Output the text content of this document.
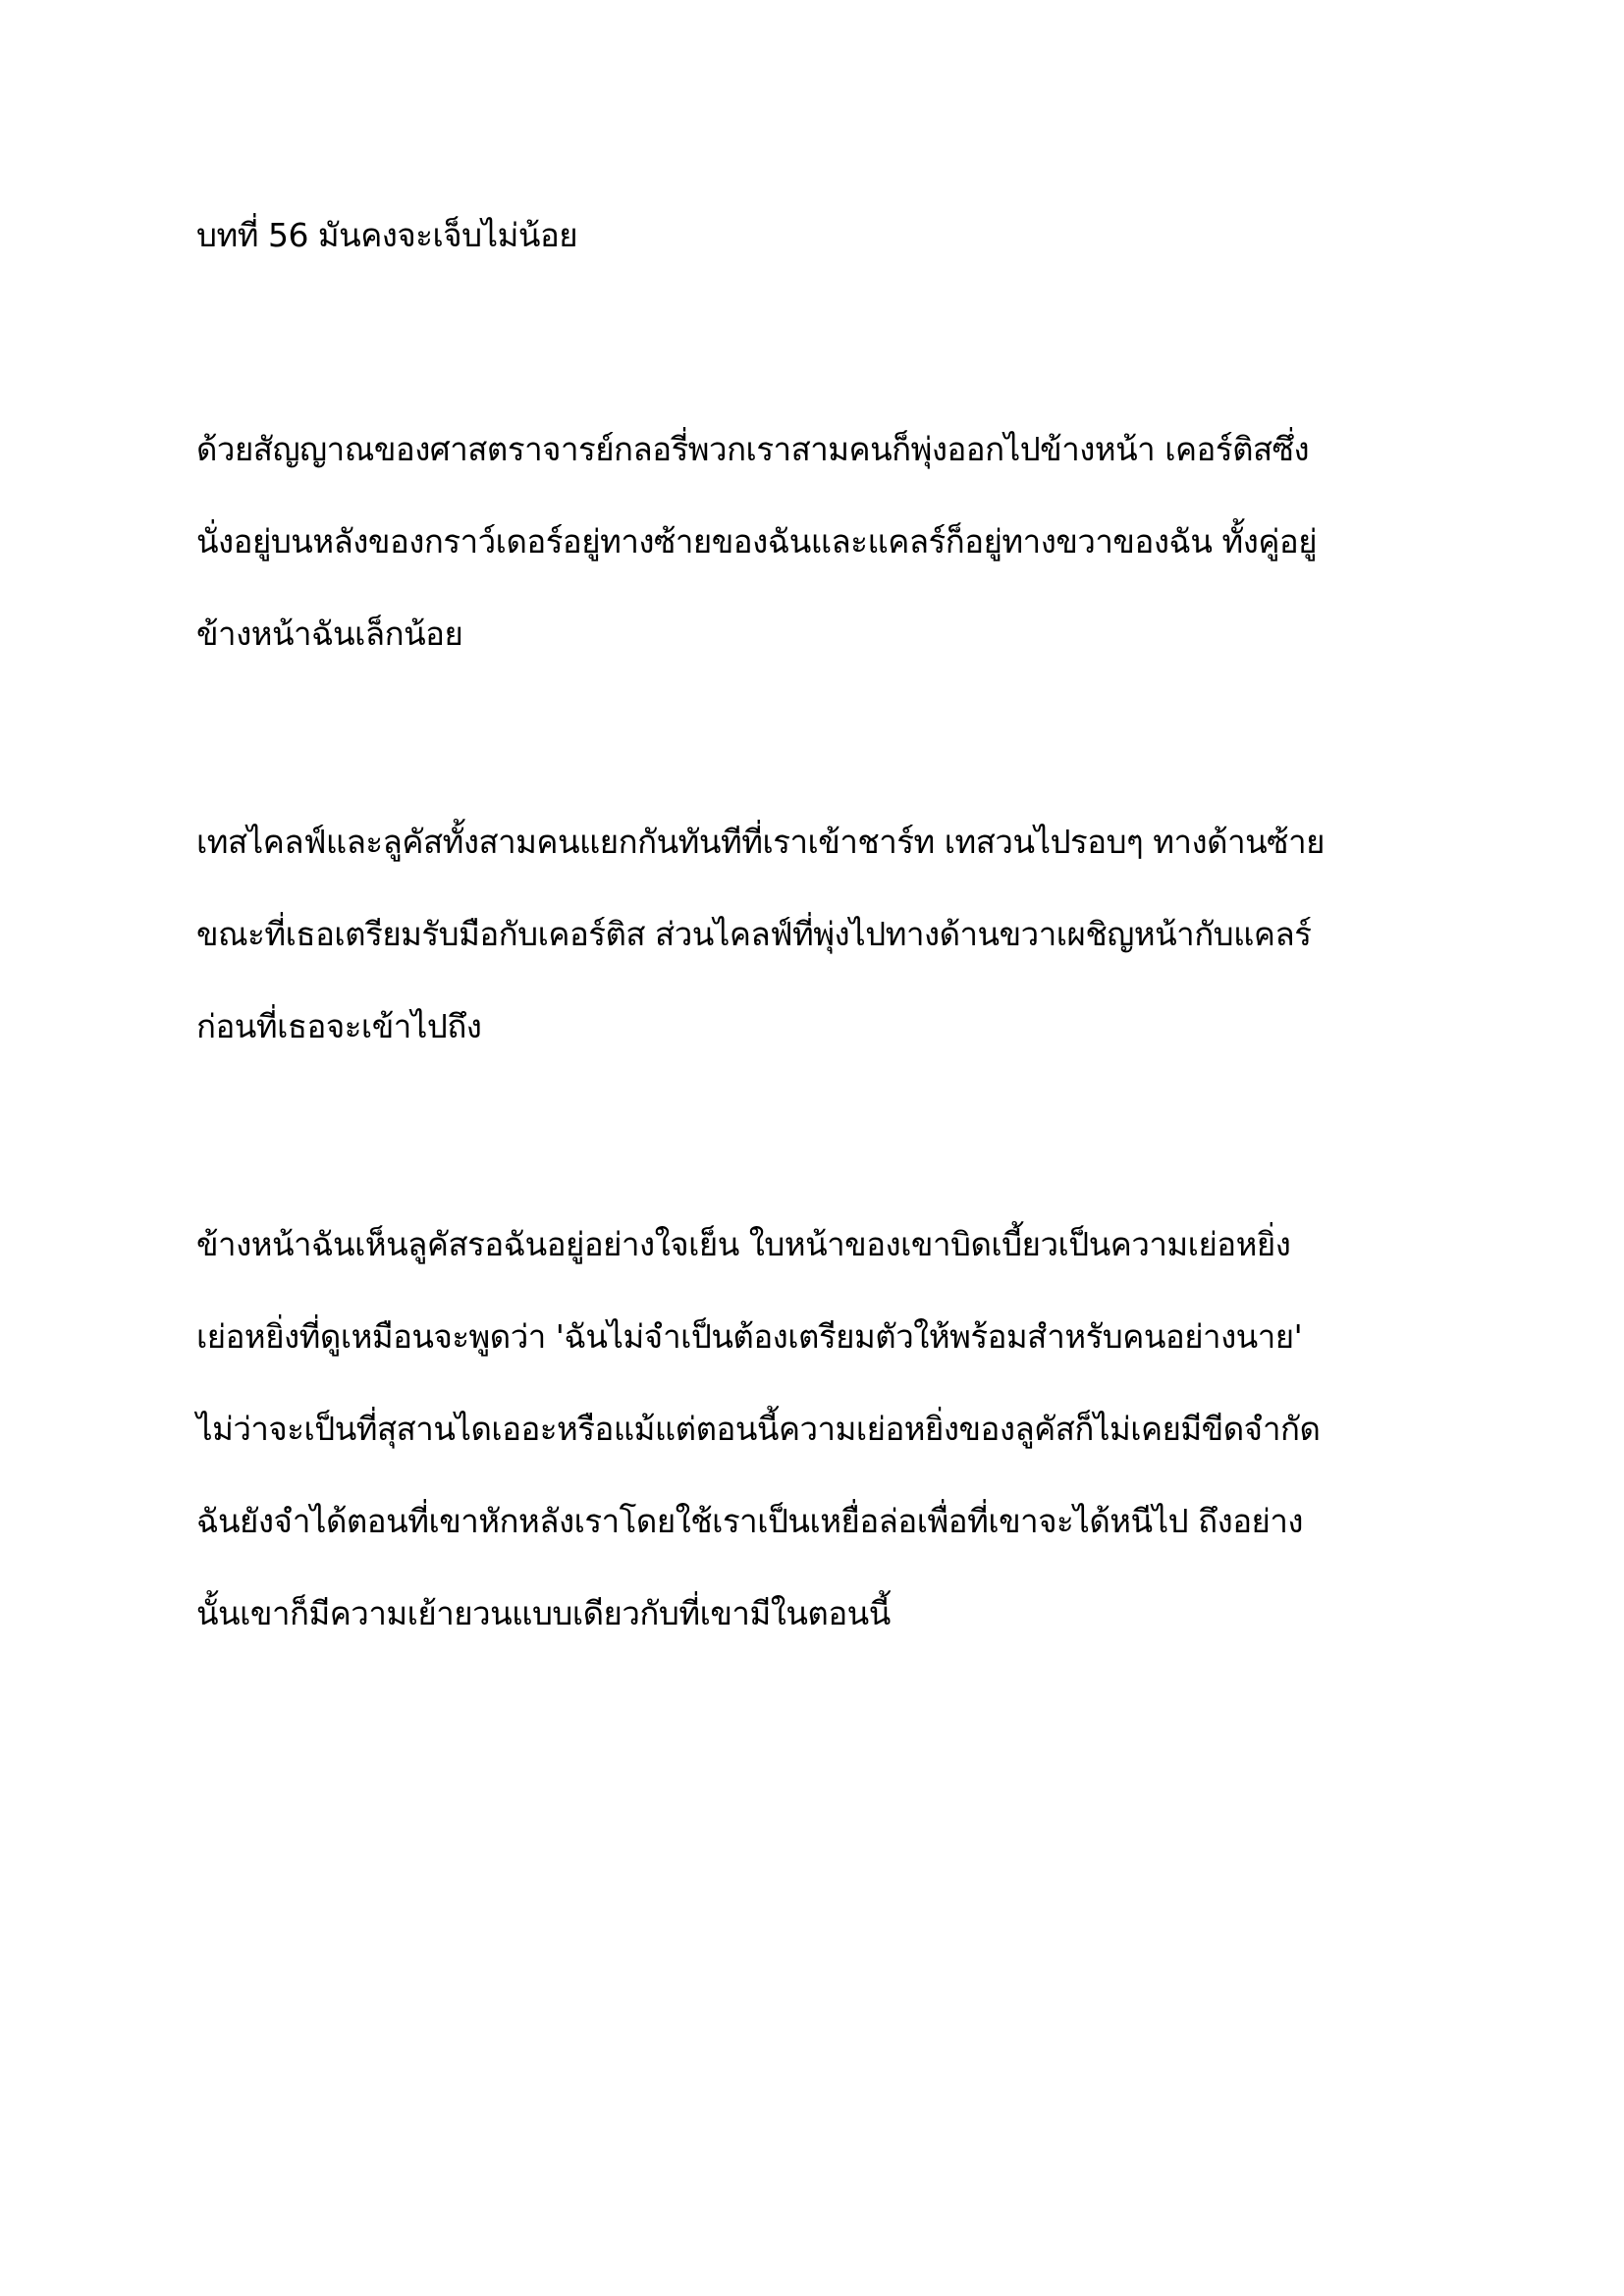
บทที่ 56 มันคงจะเจ็บไม่น้อย
ด้วยสัญญาณของศาสตราจารย์กลอรี่พวกเราสามคนก็พุ่งออกไปข้างหน้า เคอร์ติสซึ่ง
นั่งอยู่บนหลังของกราว์เดอร์อยู่ทางซ้ายของฉันและแคลร์ก็อยู่ทางขวาของฉัน ทั้งคู่อยู่
ข้างหน้าฉันเล็กน้อย
เทสไคลฟ์และลูคัสทั้งสามคนแยกกันทันทีที่เราเข้าชาร์ท เทสวนไปรอบๆ ทางด้านซ้าย
ขณะที่เธอเตรียมรับมือกับเคอร์ติส ส่วนไคลฟ์ที่พุ่งไปทางด้านขวาเผชิญหน้ากับแคลร์
ก่อนที่เธอจะเข้าไปถึง
ข้างหน้าฉันเห็นลูคัสรอฉันอยู่อย่างใจเย็น ใบหน้าของเขาบิดเบี้ยวเป็นความเย่อหยิ่ง
เย่อหยิ่งที่ดูเหมือนจะพูดว่า 'ฉันไม่จำเป็นต้องเตรียมตัวให้พร้อมสำหรับคนอย่างนาย'
ไม่ว่าจะเป็นที่สุสานไดเออะหรือแม้แต่ตอนนี้ความเย่อหยิ่งของลูคัสก็ไม่เคยมีขีดจำกัด
ฉันยังจำได้ตอนที่เขาหักหลังเราโดยใช้เราเป็นเหยื่อล่อเพื่อที่เขาจะได้หนีไป ถึงอย่าง
นั้นเขาก็มีความเย้ายวนแบบเดียวกับที่เขามีในตอนนี้
